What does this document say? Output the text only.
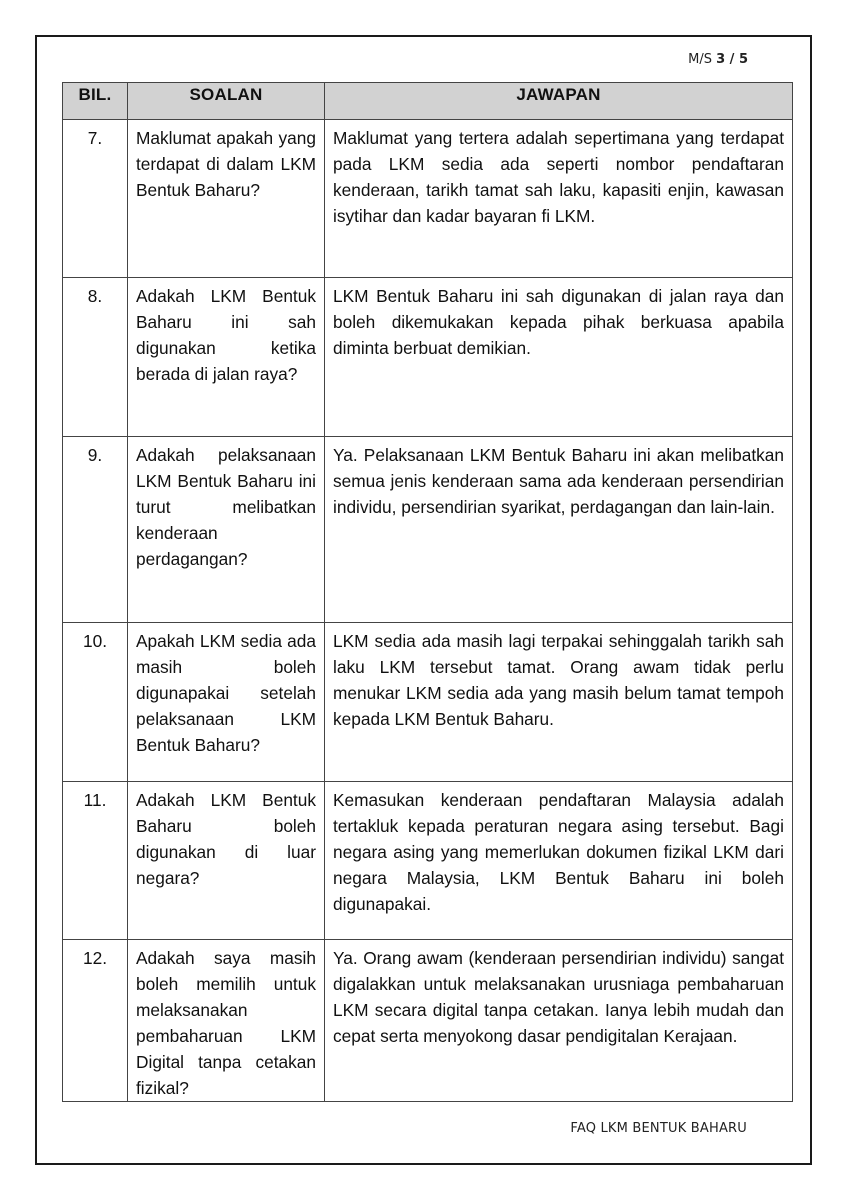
M/S 3 / 5
BIL.	SOALAN	JAWAPAN
7.	Maklumat apakah yang terdapat di dalam LKM Bentuk Baharu?	Maklumat yang tertera adalah sepertimana yang terdapat pada LKM sedia ada seperti nombor pendaftaran kenderaan, tarikh tamat sah laku, kapasiti enjin, kawasan isytihar dan kadar bayaran fi LKM.
8.	Adakah LKM Bentuk Baharu ini sah digunakan ketika berada di jalan raya?	LKM Bentuk Baharu ini sah digunakan di jalan raya dan boleh dikemukakan kepada pihak berkuasa apabila diminta berbuat demikian.
9.	Adakah pelaksanaan LKM Bentuk Baharu ini turut melibatkan kenderaan perdagangan?	Ya. Pelaksanaan LKM Bentuk Baharu ini akan melibatkan semua jenis kenderaan sama ada kenderaan persendirian individu, persendirian syarikat, perdagangan dan lain-lain.
10.	Apakah LKM sedia ada masih boleh digunapakai setelah pelaksanaan LKM Bentuk Baharu?	LKM sedia ada masih lagi terpakai sehinggalah tarikh sah laku LKM tersebut tamat. Orang awam tidak perlu menukar LKM sedia ada yang masih belum tamat tempoh kepada LKM Bentuk Baharu.
11.	Adakah LKM Bentuk Baharu boleh digunakan di luar negara?	Kemasukan kenderaan pendaftaran Malaysia adalah tertakluk kepada peraturan negara asing tersebut. Bagi negara asing yang memerlukan dokumen fizikal LKM dari negara Malaysia, LKM Bentuk Baharu ini boleh digunapakai.
12.	Adakah saya masih boleh memilih untuk melaksanakan pembaharuan LKM Digital tanpa cetakan fizikal?	Ya. Orang awam (kenderaan persendirian individu) sangat digalakkan untuk melaksanakan urusniaga pembaharuan LKM secara digital tanpa cetakan. Ianya lebih mudah dan cepat serta menyokong dasar pendigitalan Kerajaan.
FAQ LKM BENTUK BAHARU
